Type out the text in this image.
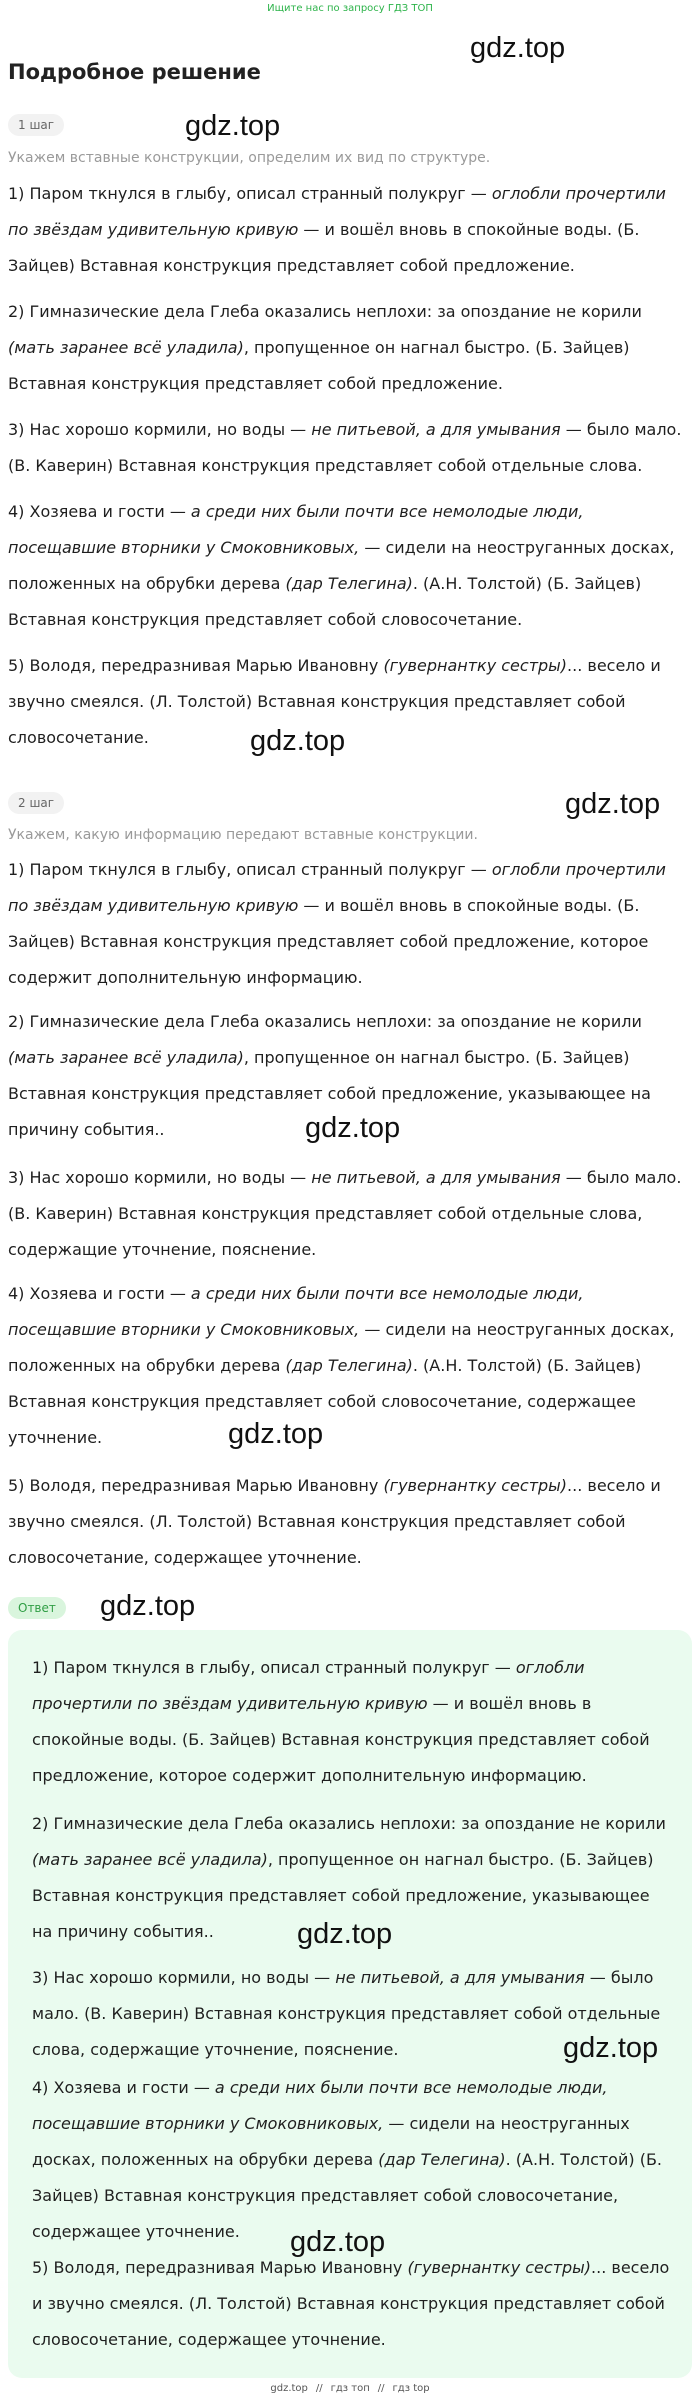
Ищите нас по запросу ГДЗ ТОП
gdz.top
Подробное решение
1 шаг	gdz.top
Укажем вставные конструкции, определим их вид по структуре.
1) Паром ткнулся в глыбу, описал странный полукруг — оглобли прочертили по звёздам удивительную кривую — и вошёл вновь в спокойные воды. (Б. Зайцев) Вставная конструкция представляет собой предложение.
2) Гимназические дела Глеба оказались неплохи: за опоздание не корили (мать заранее всё уладила), пропущенное он нагнал быстро. (Б. Зайцев) Вставная конструкция представляет собой предложение.
3) Нас хорошо кормили, но воды — не питьевой, а для умывания — было мало. (В. Каверин) Вставная конструкция представляет собой отдельные слова.
4) Хозяева и гости — а среди них были почти все немолодые люди, посещавшие вторники у Смоковниковых, — сидели на неоструганных досках, положенных на обрубки дерева (дар Телегина). (А.Н. Толстой) (Б. Зайцев) Вставная конструкция представляет собой словосочетание.
5) Володя, передразнивая Марью Ивановну (гувернантку сестры)... весело и звучно смеялся. (Л. Толстой) Вставная конструкция представляет собой словосочетание.	gdz.top
2 шаг	gdz.top
Укажем, какую информацию передают вставные конструкции.
1) Паром ткнулся в глыбу, описал странный полукруг — оглобли прочертили по звёздам удивительную кривую — и вошёл вновь в спокойные воды. (Б. Зайцев) Вставная конструкция представляет собой предложение, которое содержит дополнительную информацию.
2) Гимназические дела Глеба оказались неплохи: за опоздание не корили (мать заранее всё уладила), пропущенное он нагнал быстро. (Б. Зайцев) Вставная конструкция представляет собой предложение, указывающее на причину события..	gdz.top
3) Нас хорошо кормили, но воды — не питьевой, а для умывания — было мало. (В. Каверин) Вставная конструкция представляет собой отдельные слова, содержащие уточнение, пояснение.
4) Хозяева и гости — а среди них были почти все немолодые люди, посещавшие вторники у Смоковниковых, — сидели на неоструганных досках, положенных на обрубки дерева (дар Телегина). (А.Н. Толстой) (Б. Зайцев) Вставная конструкция представляет собой словосочетание, содержащее уточнение.	gdz.top
5) Володя, передразнивая Марью Ивановну (гувернантку сестры)... весело и звучно смеялся. (Л. Толстой) Вставная конструкция представляет собой словосочетание, содержащее уточнение.
Ответ	gdz.top
1) Паром ткнулся в глыбу, описал странный полукруг — оглобли прочертили по звёздам удивительную кривую — и вошёл вновь в спокойные воды. (Б. Зайцев) Вставная конструкция представляет собой предложение, которое содержит дополнительную информацию.
2) Гимназические дела Глеба оказались неплохи: за опоздание не корили (мать заранее всё уладила), пропущенное он нагнал быстро. (Б. Зайцев) Вставная конструкция представляет собой предложение, указывающее на причину события..
3) Нас хорошо кормили, но воды — не питьевой, а для умывания — было мало. (В. Каверин) Вставная конструкция представляет собой отдельные слова, содержащие уточнение, пояснение.
4) Хозяева и гости — а среди них были почти все немолодые люди, посещавшие вторники у Смоковниковых, — сидели на неоструганных досках, положенных на обрубки дерева (дар Телегина). (А.Н. Толстой) (Б. Зайцев) Вставная конструкция представляет собой словосочетание, содержащее уточнение.
5) Володя, передразнивая Марью Ивановну (гувернантку сестры)... весело и звучно смеялся. (Л. Толстой) Вставная конструкция представляет собой словосочетание, содержащее уточнение.
gdz.top
gdz.top
gdz.top
gdz.top // гдз топ // гдз top
